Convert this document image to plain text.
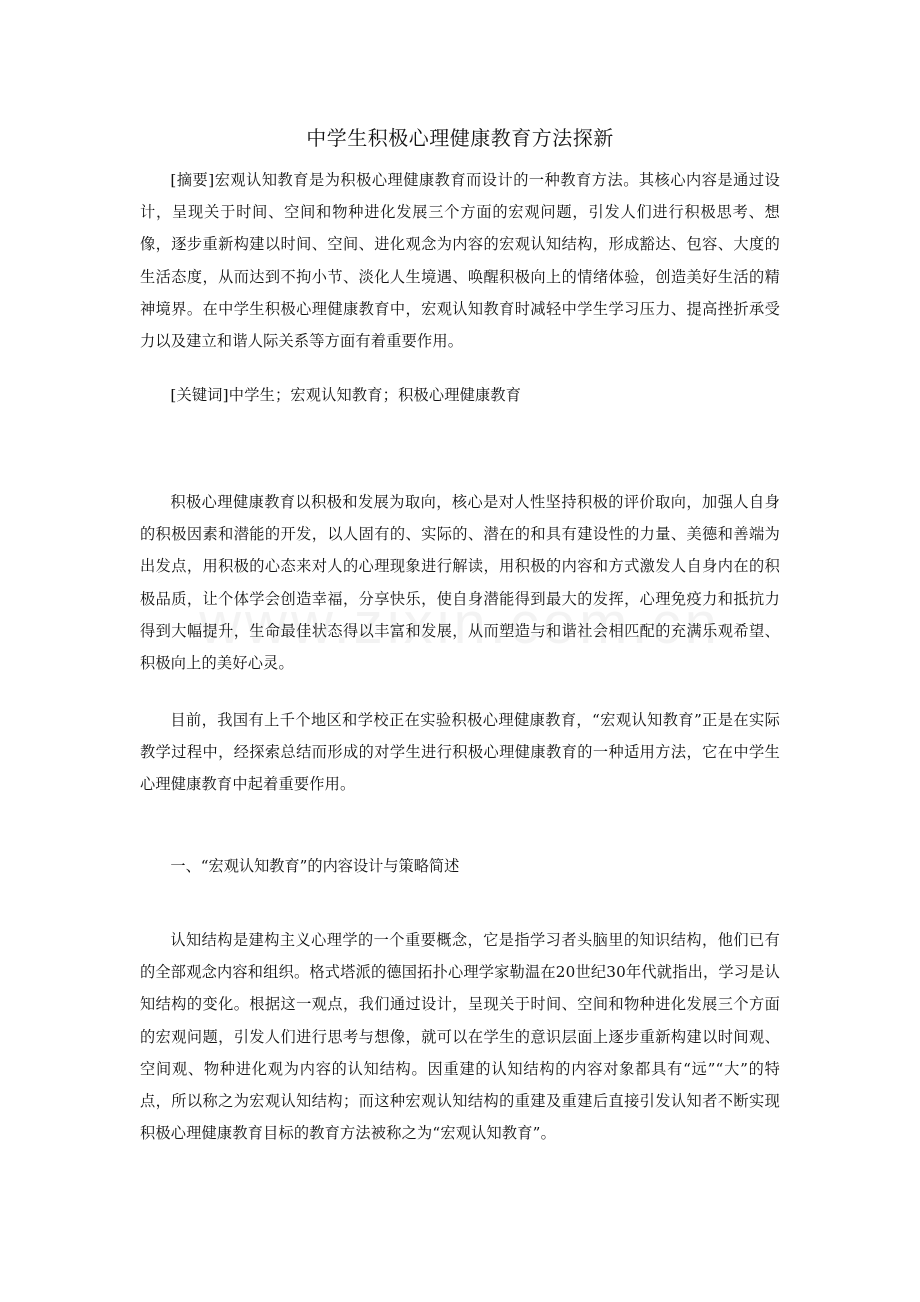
中学生积极心理健康教育方法探新

[摘要]宏观认知教育是为积极心理健康教育而设计的一种教育方法。其核心内容是通过设计，呈现关于时间、空间和物种进化发展三个方面的宏观问题，引发人们进行积极思考、想像，逐步重新构建以时间、空间、进化观念为内容的宏观认知结构，形成豁达、包容、大度的生活态度，从而达到不拘小节、淡化人生境遇、唤醒积极向上的情绪体验，创造美好生活的精神境界。在中学生积极心理健康教育中，宏观认知教育时减轻中学生学习压力、提高挫折承受力以及建立和谐人际关系等方面有着重要作用。

[关键词]中学生；宏观认知教育；积极心理健康教育

积极心理健康教育以积极和发展为取向，核心是对人性坚持积极的评价取向，加强人自身的积极因素和潜能的开发，以人固有的、实际的、潜在的和具有建设性的力量、美德和善端为出发点，用积极的心态来对人的心理现象进行解读，用积极的内容和方式激发人自身内在的积极品质，让个体学会创造幸福，分享快乐，使自身潜能得到最大的发挥，心理免疫力和抵抗力得到大幅提升，生命最佳状态得以丰富和发展，从而塑造与和谐社会相匹配的充满乐观希望、积极向上的美好心灵。

目前，我国有上千个地区和学校正在实验积极心理健康教育，“宏观认知教育”正是在实际教学过程中，经探索总结而形成的对学生进行积极心理健康教育的一种适用方法，它在中学生心理健康教育中起着重要作用。

一、“宏观认知教育”的内容设计与策略简述

认知结构是建构主义心理学的一个重要概念，它是指学习者头脑里的知识结构，他们已有的全部观念内容和组织。格式塔派的德国拓扑心理学家勒温在20世纪30年代就指出，学习是认知结构的变化。根据这一观点，我们通过设计，呈现关于时间、空间和物种进化发展三个方面的宏观问题，引发人们进行思考与想像，就可以在学生的意识层面上逐步重新构建以时间观、空间观、物种进化观为内容的认知结构。因重建的认知结构的内容对象都具有“远”“大”的特点，所以称之为宏观认知结构；而这种宏观认知结构的重建及重建后直接引发认知者不断实现积极心理健康教育目标的教育方法被称之为“宏观认知教育”。
